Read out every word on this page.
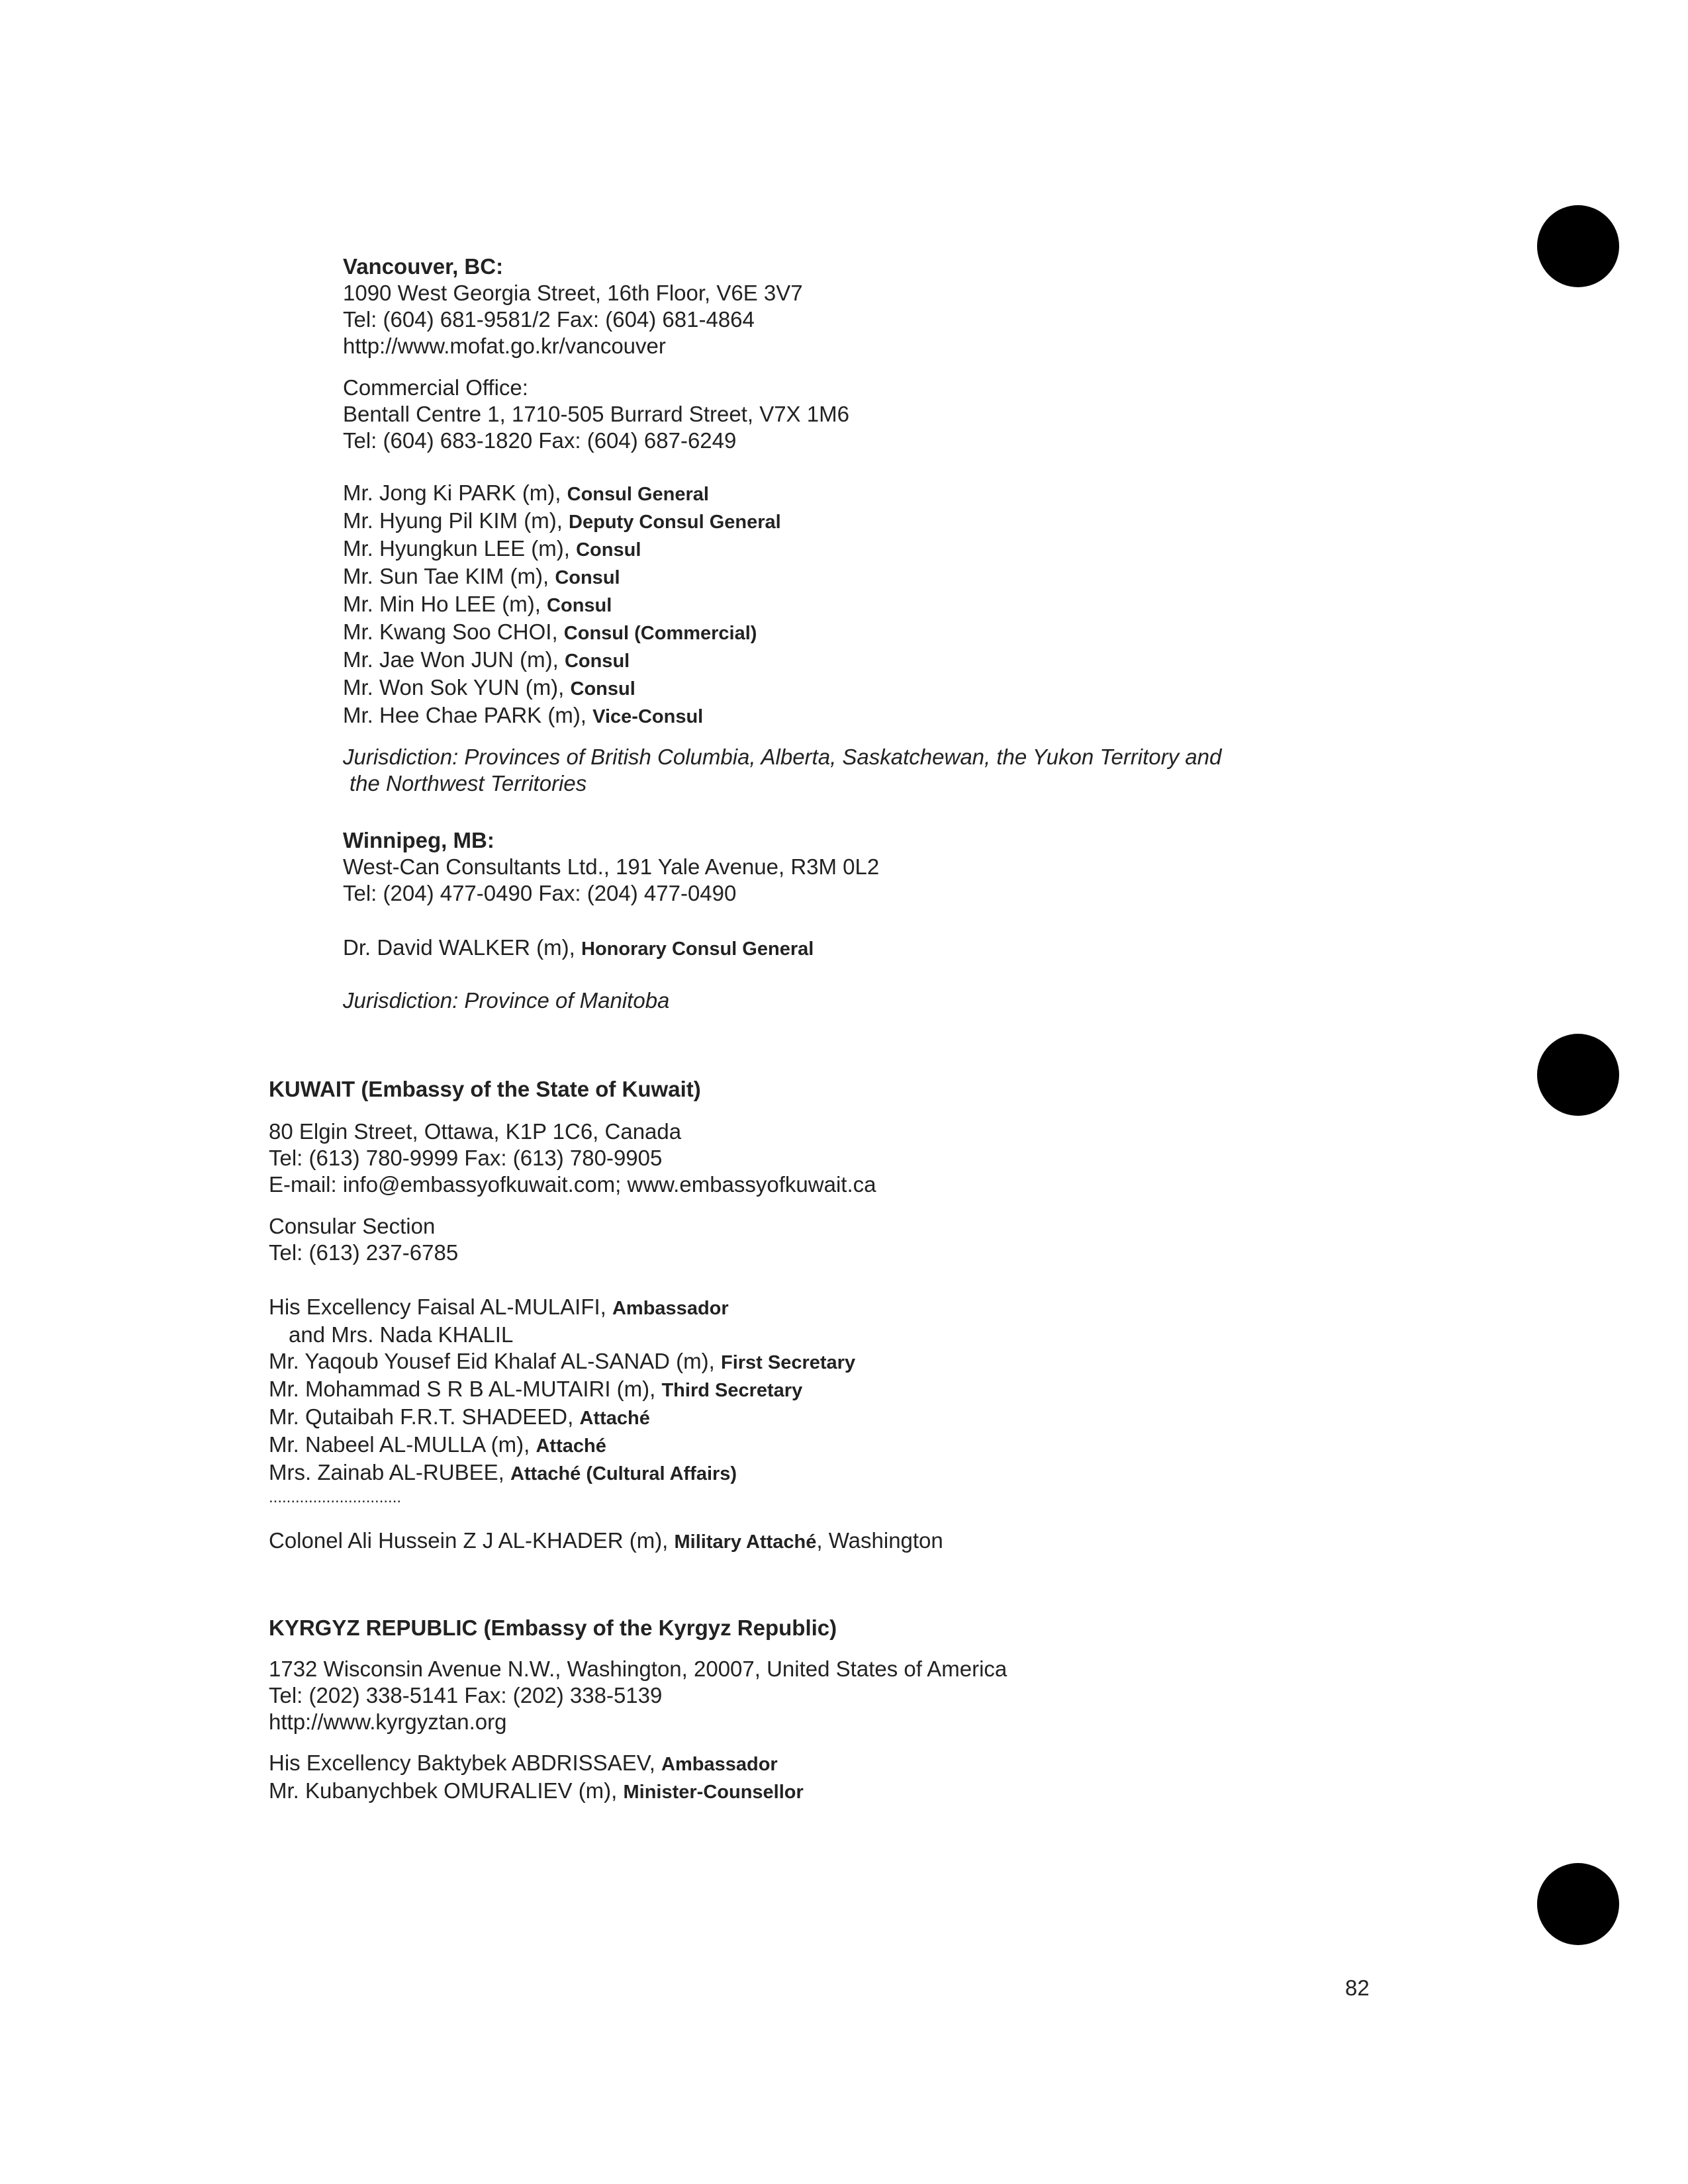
Vancouver, BC:
1090 West Georgia Street, 16th Floor, V6E 3V7
Tel: (604) 681-9581/2 Fax: (604) 681-4864
http://www.mofat.go.kr/vancouver
Commercial Office:
Bentall Centre 1, 1710-505 Burrard Street, V7X 1M6
Tel: (604) 683-1820 Fax: (604) 687-6249
Mr. Jong Ki PARK (m), Consul General
Mr. Hyung Pil KIM (m), Deputy Consul General
Mr. Hyungkun LEE (m), Consul
Mr. Sun Tae KIM (m), Consul
Mr. Min Ho LEE (m), Consul
Mr. Kwang Soo CHOI, Consul (Commercial)
Mr. Jae Won JUN (m), Consul
Mr. Won Sok YUN (m), Consul
Mr. Hee Chae PARK (m), Vice-Consul
Jurisdiction: Provinces of British Columbia, Alberta, Saskatchewan, the Yukon Territory and
the Northwest Territories
Winnipeg, MB:
West-Can Consultants Ltd., 191 Yale Avenue, R3M 0L2
Tel: (204) 477-0490 Fax: (204) 477-0490
Dr. David WALKER (m), Honorary Consul General
Jurisdiction: Province of Manitoba
KUWAIT (Embassy of the State of Kuwait)
80 Elgin Street, Ottawa, K1P 1C6, Canada
Tel: (613) 780-9999 Fax: (613) 780-9905
E-mail: info@embassyofkuwait.com; www.embassyofkuwait.ca
Consular Section
Tel: (613) 237-6785
His Excellency Faisal AL-MULAIFI, Ambassador
and Mrs. Nada KHALIL
Mr. Yaqoub Yousef Eid Khalaf AL-SANAD (m), First Secretary
Mr. Mohammad S R B AL-MUTAIRI (m), Third Secretary
Mr. Qutaibah F.R.T. SHADEED, Attaché
Mr. Nabeel AL-MULLA (m), Attaché
Mrs. Zainab AL-RUBEE, Attaché (Cultural Affairs)
..............................
Colonel Ali Hussein Z J AL-KHADER (m), Military Attaché, Washington
KYRGYZ REPUBLIC (Embassy of the Kyrgyz Republic)
1732 Wisconsin Avenue N.W., Washington, 20007, United States of America
Tel: (202) 338-5141 Fax: (202) 338-5139
http://www.kyrgyztan.org
His Excellency Baktybek ABDRISSAEV, Ambassador
Mr. Kubanychbek OMURALIEV (m), Minister-Counsellor
82
